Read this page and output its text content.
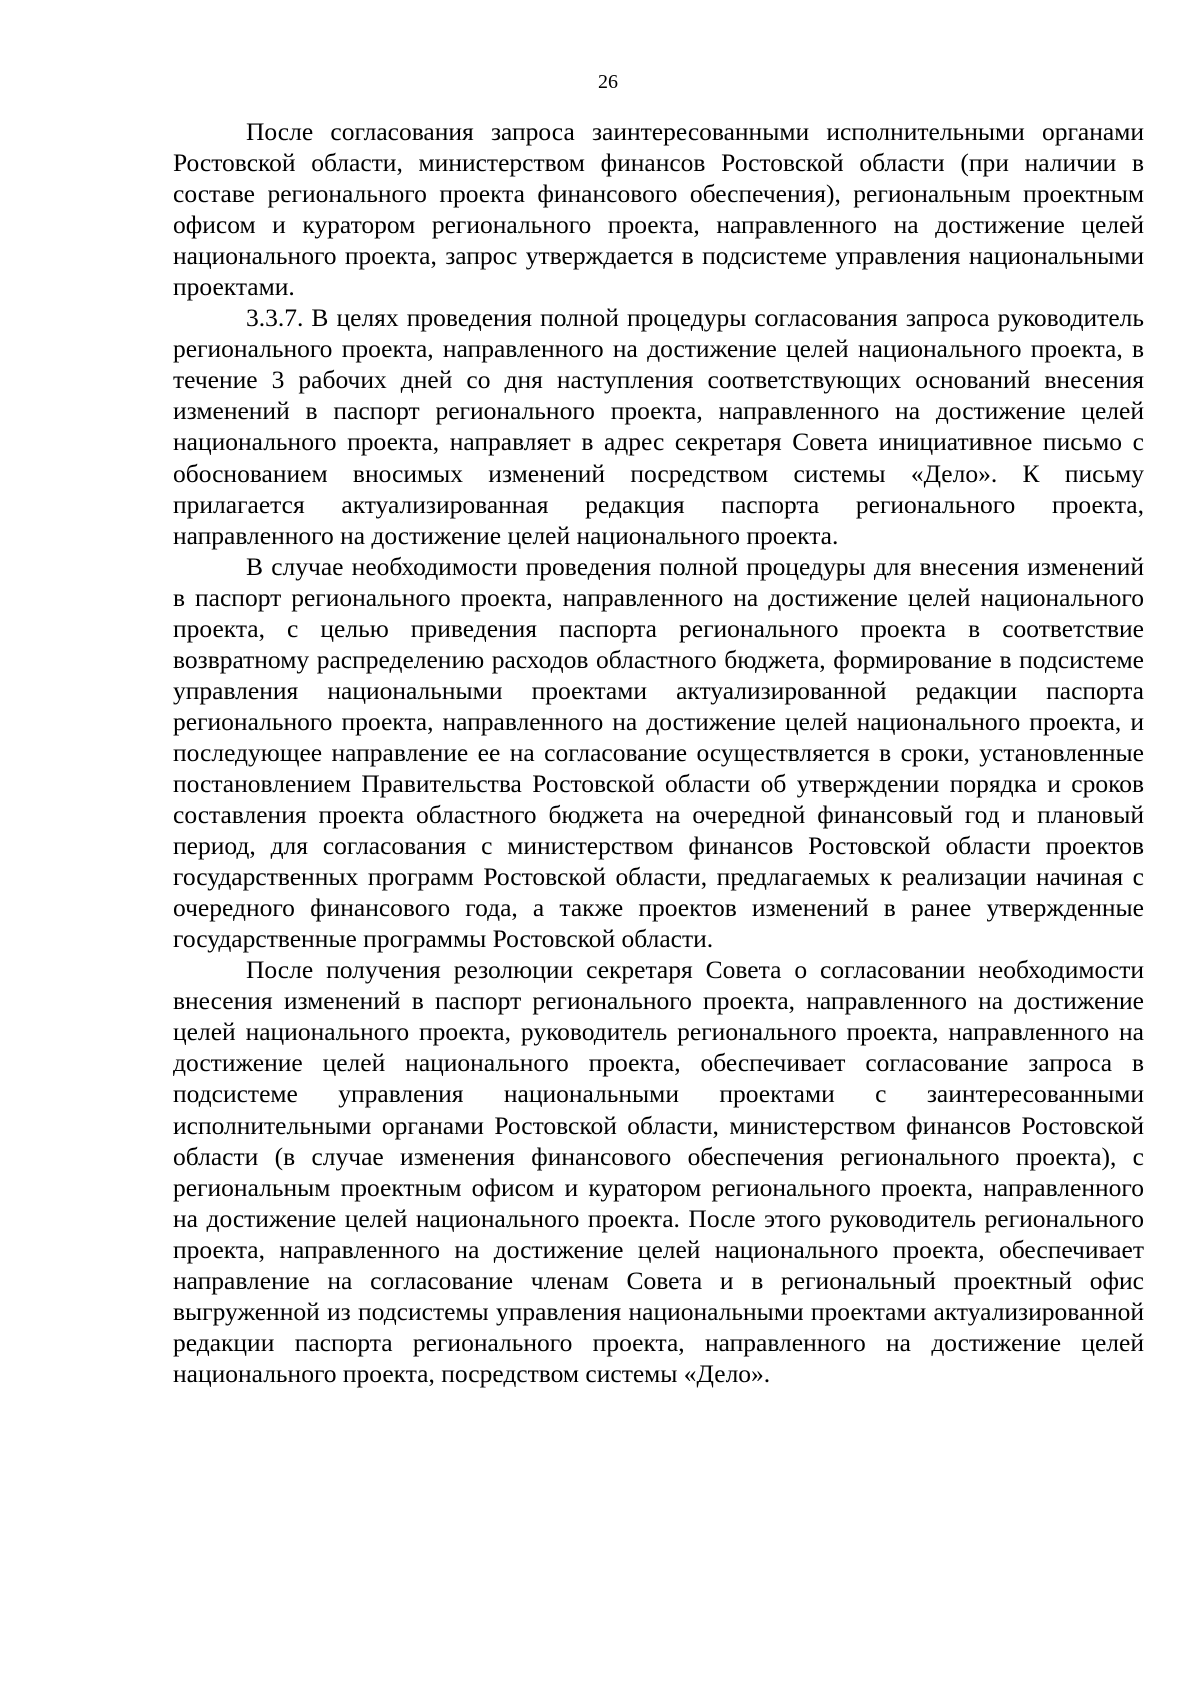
26

После согласования запроса заинтересованными исполнительными органами Ростовской области, министерством финансов Ростовской области (при наличии в составе регионального проекта финансового обеспечения), региональным проектным офисом и куратором регионального проекта, направленного на достижение целей национального проекта, запрос утверждается в подсистеме управления национальными проектами.

3.3.7. В целях проведения полной процедуры согласования запроса руководитель регионального проекта, направленного на достижение целей национального проекта, в течение 3 рабочих дней со дня наступления соответствующих оснований внесения изменений в паспорт регионального проекта, направленного на достижение целей национального проекта, направляет в адрес секретаря Совета инициативное письмо с обоснованием вносимых изменений посредством системы «Дело». К письму прилагается актуализированная редакция паспорта регионального проекта, направленного на достижение целей национального проекта.

В случае необходимости проведения полной процедуры для внесения изменений в паспорт регионального проекта, направленного на достижение целей национального проекта, с целью приведения паспорта регионального проекта в соответствие возвратному распределению расходов областного бюджета, формирование в подсистеме управления национальными проектами актуализированной редакции паспорта регионального проекта, направленного на достижение целей национального проекта, и последующее направление ее на согласование осуществляется в сроки, установленные постановлением Правительства Ростовской области об утверждении порядка и сроков составления проекта областного бюджета на очередной финансовый год и плановый период, для согласования с министерством финансов Ростовской области проектов государственных программ Ростовской области, предлагаемых к реализации начиная с очередного финансового года, а также проектов изменений в ранее утвержденные государственные программы Ростовской области.

После получения резолюции секретаря Совета о согласовании необходимости внесения изменений в паспорт регионального проекта, направленного на достижение целей национального проекта, руководитель регионального проекта, направленного на достижение целей национального проекта, обеспечивает согласование запроса в подсистеме управления национальными проектами с заинтересованными исполнительными органами Ростовской области, министерством финансов Ростовской области (в случае изменения финансового обеспечения регионального проекта), с региональным проектным офисом и куратором регионального проекта, направленного на достижение целей национального проекта. После этого руководитель регионального проекта, направленного на достижение целей национального проекта, обеспечивает направление на согласование членам Совета и в региональный проектный офис выгруженной из подсистемы управления национальными проектами актуализированной редакции паспорта регионального проекта, направленного на достижение целей национального проекта, посредством системы «Дело».
